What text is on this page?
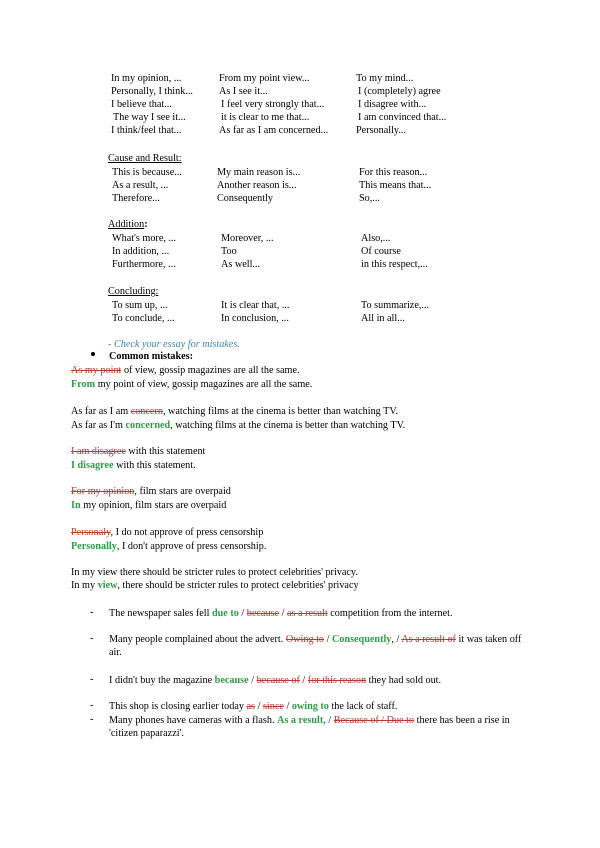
In my opinion, ...	From my point view...	To my mind...
Personally, I think...	As I see it...	I (completely) agree
I believe that...	I feel very strongly that...	I disagree with...
The way I see it...	it is clear to me that...	I am convinced that...
I think/feel that...	As far as I am concerned...	Personally...
Cause and Result:
This is because...	My main reason is...	For this reason...
As a result, ...	Another reason is...	This means that...
Therefore...	Consequently	So,...
Addition:
What's more, ...	Moreover, ...	Also,...
In addition, ...	Too	Of course
Furthermore, ...	As well...	in this respect,...
Concluding:
To sum up, ...	It is clear that, ...	To summarize,...
To conclude, ...	In conclusion, ...	All in all...
- Check your essay for mistakes.
Common mistakes:
As my point of view, gossip magazines are all the same.
From my point of view, gossip magazines are all the same.
As far as I am concern, watching films at the cinema is better than watching TV.
As far as I'm concerned, watching films at the cinema is better than watching TV.
I am disagree with this statement
I disagree with this statement.
For my opinion, film stars are overpaid
In my opinion, film stars are overpaid
Personaly, I do not approve of press censorship
Personally, I don't approve of press censorship.
In my view there should be stricter rules to protect celebrities' privacy.
In my view, there should be stricter rules to protect celebrities' privacy
- The newspaper sales fell due to / because / as a result competition from the internet.
- Many people complained about the advert. Owing to / Consequently, / As a result of it was taken off air.
- I didn't buy the magazine because / because of / for this reason they had sold out.
- This shop is closing earlier today as / since / owing to the lack of staff.
- Many phones have cameras with a flash. As a result, / Because of / Due to there has been a rise in 'citizen paparazzi'.
